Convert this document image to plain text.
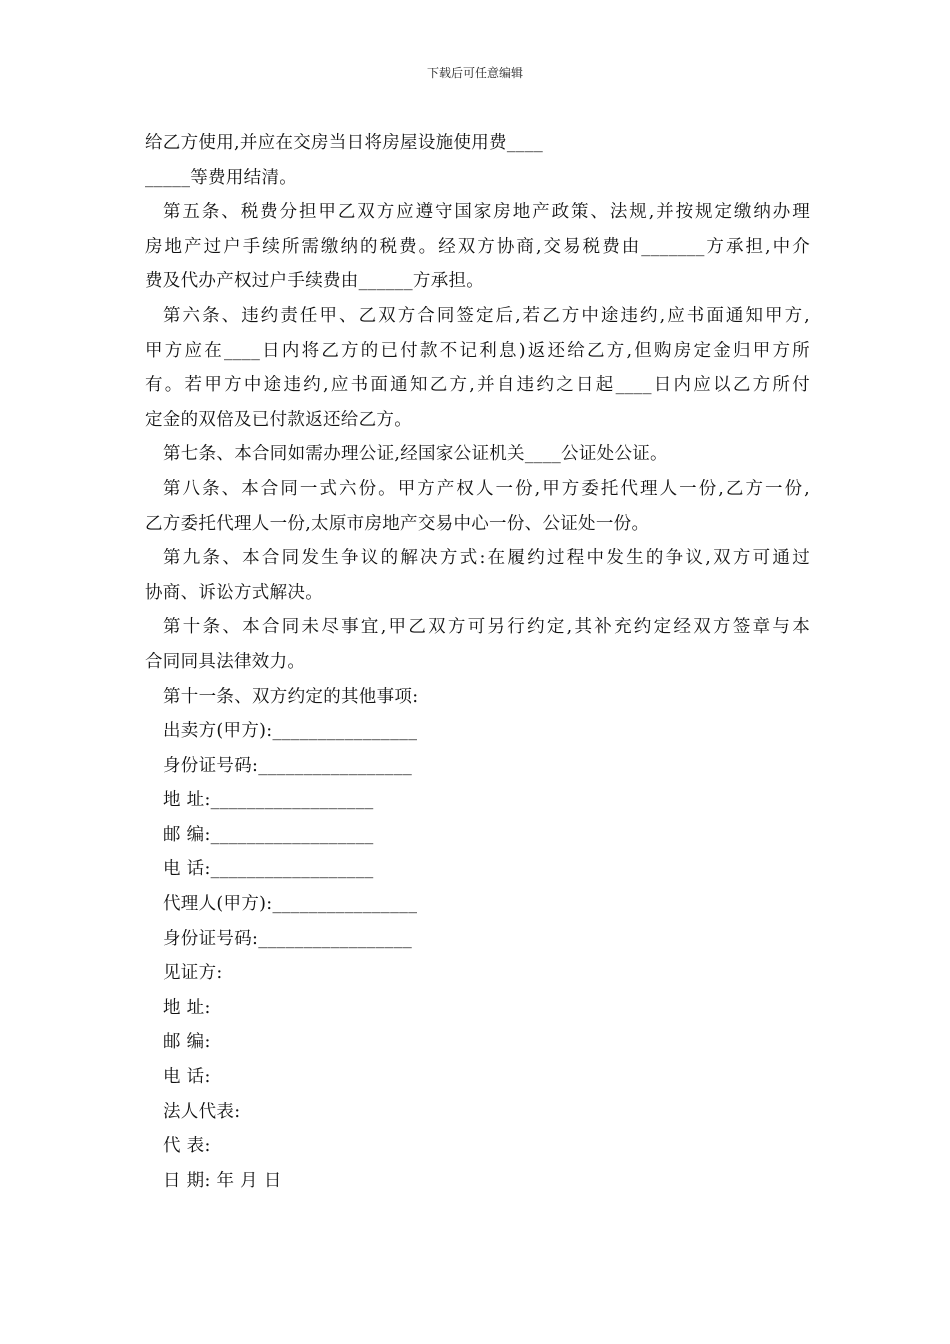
下载后可任意编辑
给乙方使用,并应在交房当日将房屋设施使用费____
_____等费用结清。
第五条、税费分担甲乙双方应遵守国家房地产政策、法规,并按规定缴纳办理
房地产过户手续所需缴纳的税费。经双方协商,交易税费由_______方承担,中介
费及代办产权过户手续费由______方承担。
第六条、违约责任甲、乙双方合同签定后,若乙方中途违约,应书面通知甲方,
甲方应在____日内将乙方的已付款不记利息)返还给乙方,但购房定金归甲方所
有。若甲方中途违约,应书面通知乙方,并自违约之日起____日内应以乙方所付
定金的双倍及已付款返还给乙方。
第七条、本合同如需办理公证,经国家公证机关____公证处公证。
第八条、本合同一式六份。甲方产权人一份,甲方委托代理人一份,乙方一份,
乙方委托代理人一份,太原市房地产交易中心一份、公证处一份。
第九条、本合同发生争议的解决方式:在履约过程中发生的争议,双方可通过
协商、诉讼方式解决。
第十条、本合同未尽事宜,甲乙双方可另行约定,其补充约定经双方签章与本
合同同具法律效力。
第十一条、双方约定的其他事项:
出卖方(甲方):________________
身份证号码:_________________
地 址:__________________
邮 编:__________________
电 话:__________________
代理人(甲方):________________
身份证号码:_________________
见证方:
地 址:
邮 编:
电 话:
法人代表:
代 表:
日 期: 年 月 日
